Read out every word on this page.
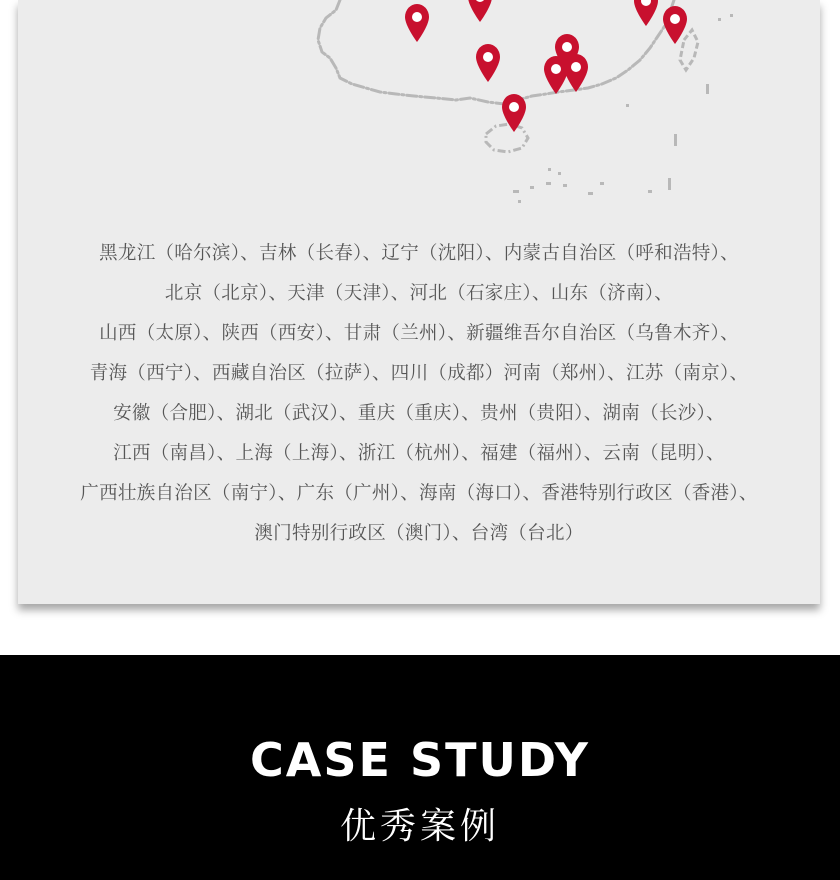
黑龙江（哈尔滨）、吉林（长春）、辽宁（沈阳）、内蒙古自治区（呼和浩特）、
北京（北京）、天津（天津）、河北（石家庄）、山东（济南）、
山西（太原）、陕西（西安）、甘肃（兰州）、新疆维吾尔自治区（乌鲁木齐）、
青海（西宁）、西藏自治区（拉萨）、四川（成都）河南（郑州）、江苏（南京）、
安徽（合肥）、湖北（武汉）、重庆（重庆）、贵州（贵阳）、湖南（长沙）、
江西（南昌）、上海（上海）、浙江（杭州）、福建（福州）、云南（昆明）、
广西壮族自治区（南宁）、广东（广州）、海南（海口）、香港特别行政区（香港）、
澳门特别行政区（澳门）、台湾（台北）
CASE STUDY
优秀案例
